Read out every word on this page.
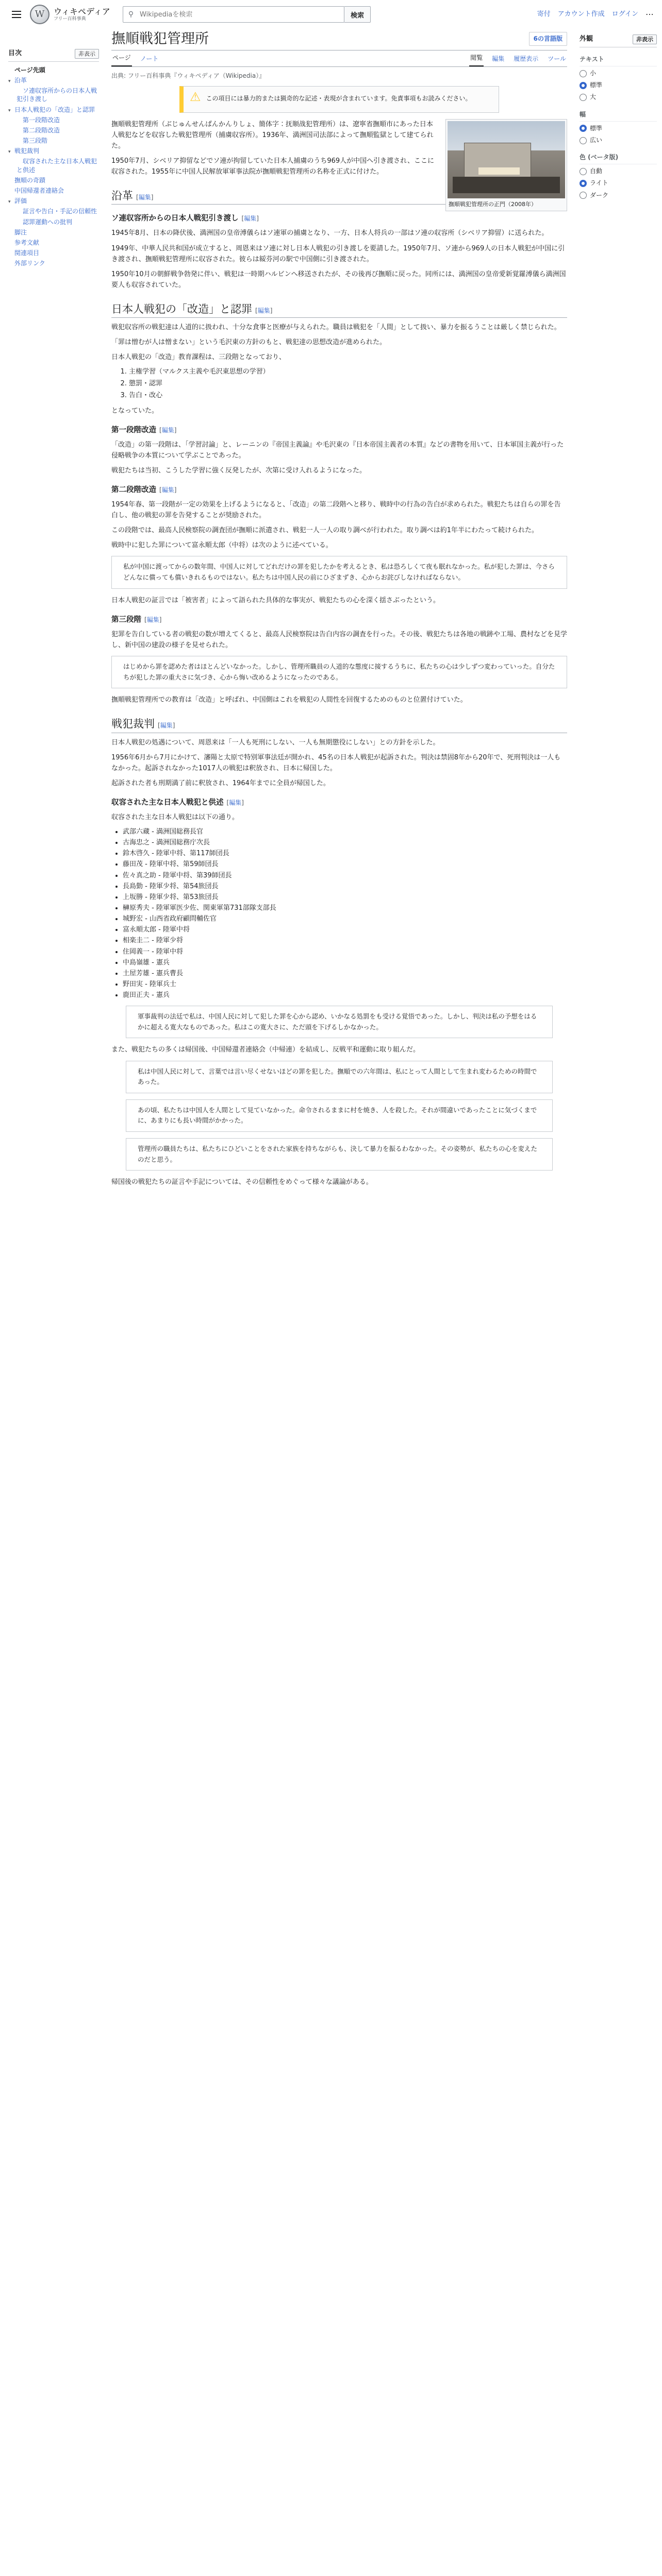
W	ウィキペディア
フリー百科事典
⚲
Wikipediaを検索	検索	寄付 アカウント作成 ログイン ⋯
目次	非表示
ページ先頭
▾ 沿革
ソ連収容所からの日本人戦犯引き渡し
▾ 日本人戦犯の「改造」と認罪
第一段階改造
第二段階改造
第三段階
▾ 戦犯裁判
収容された主な日本人戦犯と供述
撫順の奇蹟
中国帰還者連絡会
▾ 評価
証言や告白・手記の信頼性
認罪運動への批判
脚注
参考文献
関連項目
外部リンク
撫順戦犯管理所	6の言語版
ページ ノート	閲覧 編集 履歴表示 ツール
出典: フリー百科事典『ウィキペディア（Wikipedia）』
⚠ この項目には暴力的または猟奇的な記述・表現が含まれています。免責事項もお読みください。

撫順戦犯管理所の正門（2008年）

撫順戦犯管理所（ぶじゅんせんぱんかんりしょ、簡体字：抚顺战犯管理所）は、遼寧省撫順市にあった日本人戦犯などを収容した戦犯管理所（捕虜収容所）。1936年、満洲国司法部によって撫順監獄として建てられた。

1950年7月、シベリア抑留などでソ連が拘留していた日本人捕虜のうち969人が中国へ引き渡され、ここに収容された。1955年に中国人民解放軍軍事法院が撫順戦犯管理所の名称を正式に付けた。

沿革 [ 編集 ]
ソ連収容所からの日本人戦犯引き渡し [ 編集 ]

1945年8月、日本の降伏後、満洲国の皇帝溥儀らはソ連軍の捕虜となり、一方、日本人将兵の一部はソ連の収容所（シベリア抑留）に送られた。

1949年、中華人民共和国が成立すると、周恩来はソ連に対し日本人戦犯の引き渡しを要請した。1950年7月、ソ連から969人の日本人戦犯が中国に引き渡され、撫順戦犯管理所に収容された。彼らは綏芬河の駅で中国側に引き渡された。

1950年10月の朝鮮戦争勃発に伴い、戦犯は一時期ハルビンへ移送されたが、その後再び撫順に戻った。同所には、満洲国の皇帝愛新覚羅溥儀ら満洲国要人も収容されていた。

日本人戦犯の「改造」と認罪 [ 編集 ]

戦犯収容所の戦犯達は人道的に扱われ、十分な食事と医療が与えられた。職員は戦犯を「人間」として扱い、暴力を振るうことは厳しく禁じられた。

「罪は憎むが人は憎まない」という毛沢東の方針のもと、戦犯達の思想改造が進められた。

日本人戦犯の「改造」教育課程は、三段階となっており、

1. 主権学習（マルクス主義や毛沢東思想の学習）
2. 懲罰・認罪
3. 告白・改心

となっていた。

第一段階改造 [ 編集 ]

「改造」の第一段階は、「学習討論」と、レーニンの『帝国主義論』や毛沢東の『日本帝国主義者の本質』などの書物を用いて、日本軍国主義が行った侵略戦争の本質について学ぶことであった。

戦犯たちは当初、こうした学習に強く反発したが、次第に受け入れるようになった。

第二段階改造 [ 編集 ]

1954年春、第一段階が一定の効果を上げるようになると、「改造」の第二段階へと移り、戦時中の行為の告白が求められた。戦犯たちは自らの罪を告白し、他の戦犯の罪を告発することが奨励された。

この段階では、最高人民検察院の調査団が撫順に派遣され、戦犯一人一人の取り調べが行われた。取り調べは約1年半にわたって続けられた。

戦時中に犯した罪について富永順太郎（中将）は次のように述べている。

私が中国に渡ってからの数年間、中国人に対してどれだけの罪を犯したかを考えるとき、私は恐ろしくて夜も眠れなかった。私が犯した罪は、今さらどんなに償っても償いきれるものではない。私たちは中国人民の前にひざまずき、心からお詫びしなければならない。

日本人戦犯の証言では「被害者」によって語られた具体的な事実が、戦犯たちの心を深く揺さぶったという。

第三段階 [ 編集 ]

犯罪を告白している者の戦犯の数が増えてくると、最高人民検察院は告白内容の調査を行った。その後、戦犯たちは各地の戦跡や工場、農村などを見学し、新中国の建設の様子を見せられた。

はじめから罪を認めた者はほとんどいなかった。しかし、管理所職員の人道的な態度に接するうちに、私たちの心は少しずつ変わっていった。自分たちが犯した罪の重大さに気づき、心から悔い改めるようになったのである。

撫順戦犯管理所での教育は「改造」と呼ばれ、中国側はこれを戦犯の人間性を回復するためのものと位置付けていた。

戦犯裁判 [ 編集 ]

日本人戦犯の処遇について、周恩来は「一人も死刑にしない、一人も無期懲役にしない」との方針を示した。

1956年6月から7月にかけて、瀋陽と太原で特別軍事法廷が開かれ、45名の日本人戦犯が起訴された。判決は禁固8年から20年で、死刑判決は一人もなかった。起訴されなかった1017人の戦犯は釈放され、日本に帰国した。

起訴された者も刑期満了前に釈放され、1964年までに全員が帰国した。

収容された主な日本人戦犯と供述 [ 編集 ]

収容された主な日本人戦犯は以下の通り。

• 武部六蔵 - 満洲国総務長官
• 古海忠之 - 満洲国総務庁次長
• 鈴木啓久 - 陸軍中将、第117師団長
• 藤田茂 - 陸軍中将、第59師団長
• 佐々真之助 - 陸軍中将、第39師団長
• 長島勤 - 陸軍少将、第54旅団長
• 上坂勝 - 陸軍少将、第53旅団長
• 榊原秀夫 - 陸軍軍医少佐、関東軍第731部隊支部長
• 城野宏 - 山西省政府顧問輔佐官
• 富永順太郎 - 陸軍中将
• 相楽圭二 - 陸軍少将
• 住岡義一 - 陸軍中将
• 中島嶺雄 - 憲兵
• 土屋芳雄 - 憲兵曹長
• 野田実 - 陸軍兵士
• 鹿田正夫 - 憲兵
軍事裁判の法廷で私は、中国人民に対して犯した罪を心から認め、いかなる処罰をも受ける覚悟であった。しかし、判決は私の予想をはるかに超える寛大なものであった。私はこの寛大さに、ただ頭を下げるしかなかった。

また、戦犯たちの多くは帰国後、中国帰還者連絡会（中帰連）を結成し、反戦平和運動に取り組んだ。

私は中国人民に対して、言葉では言い尽くせないほどの罪を犯した。撫順での六年間は、私にとって人間として生まれ変わるための時間であった。
あの頃、私たちは中国人を人間として見ていなかった。命令されるままに村を焼き、人を殺した。それが間違いであったことに気づくまでに、あまりにも長い時間がかかった。
管理所の職員たちは、私たちにひどいことをされた家族を持ちながらも、決して暴力を振るわなかった。その姿勢が、私たちの心を変えたのだと思う。

帰国後の戦犯たちの証言や手記については、その信頼性をめぐって様々な議論がある。

外観	非表示
テキスト
小
標準
大
幅
標準
広い
色 (ベータ版)
自動
ライト
ダーク
